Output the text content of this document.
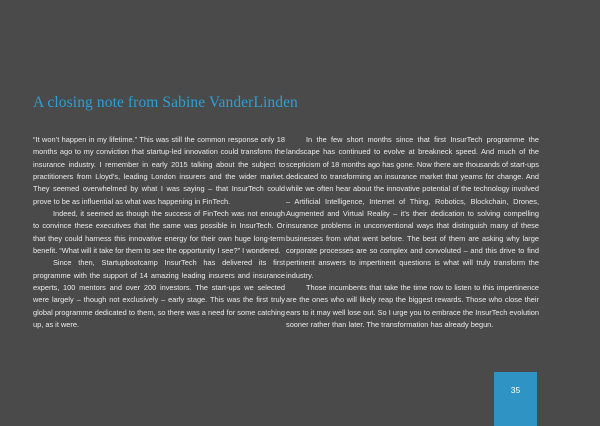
A closing note from Sabine VanderLinden

“It won’t happen in my lifetime.” This was still the common response only 18 months ago to my conviction that startup-led innovation could transform the insurance industry. I remember in early 2015 talking about the subject to practitioners from Lloyd’s, leading London insurers and the wider market. They seemed overwhelmed by what I was saying – that InsurTech could prove to be as influential as what was happening in FinTech.

Indeed, it seemed as though the success of FinTech was not enough to convince these executives that the same was possible in InsurTech. Or that they could harness this innovative energy for their own huge long-term benefit. “What will it take for them to see the opportunity I see?” I wondered.

Since then, Startupbootcamp InsurTech has delivered its first programme with the support of 14 amazing leading insurers and insurance experts, 100 mentors and over 200 investors. The start-ups we selected were largely – though not exclusively – early stage. This was the first truly global programme dedicated to them, so there was a need for some catching up, as it were.

In the few short months since that first InsurTech programme the landscape has continued to evolve at breakneck speed. And much of the scepticism of 18 months ago has gone. Now there are thousands of start-ups dedicated to transforming an insurance market that yearns for change. And while we often hear about the innovative potential of the technology involved – Artificial Intelligence, Internet of Thing, Robotics, Blockchain, Drones, Augmented and Virtual Reality – it’s their dedication to solving compelling insurance problems in unconventional ways that distinguish many of these businesses from what went before. The best of them are asking why large corporate processes are so complex and convoluted – and this drive to find pertinent answers to impertinent questions is what will truly transform the industry.

Those incumbents that take the time now to listen to this impertinence are the ones who will likely reap the biggest rewards. Those who close their ears to it may well lose out. So I urge you to embrace the InsurTech evolution sooner rather than later. The transformation has already begun.

35
